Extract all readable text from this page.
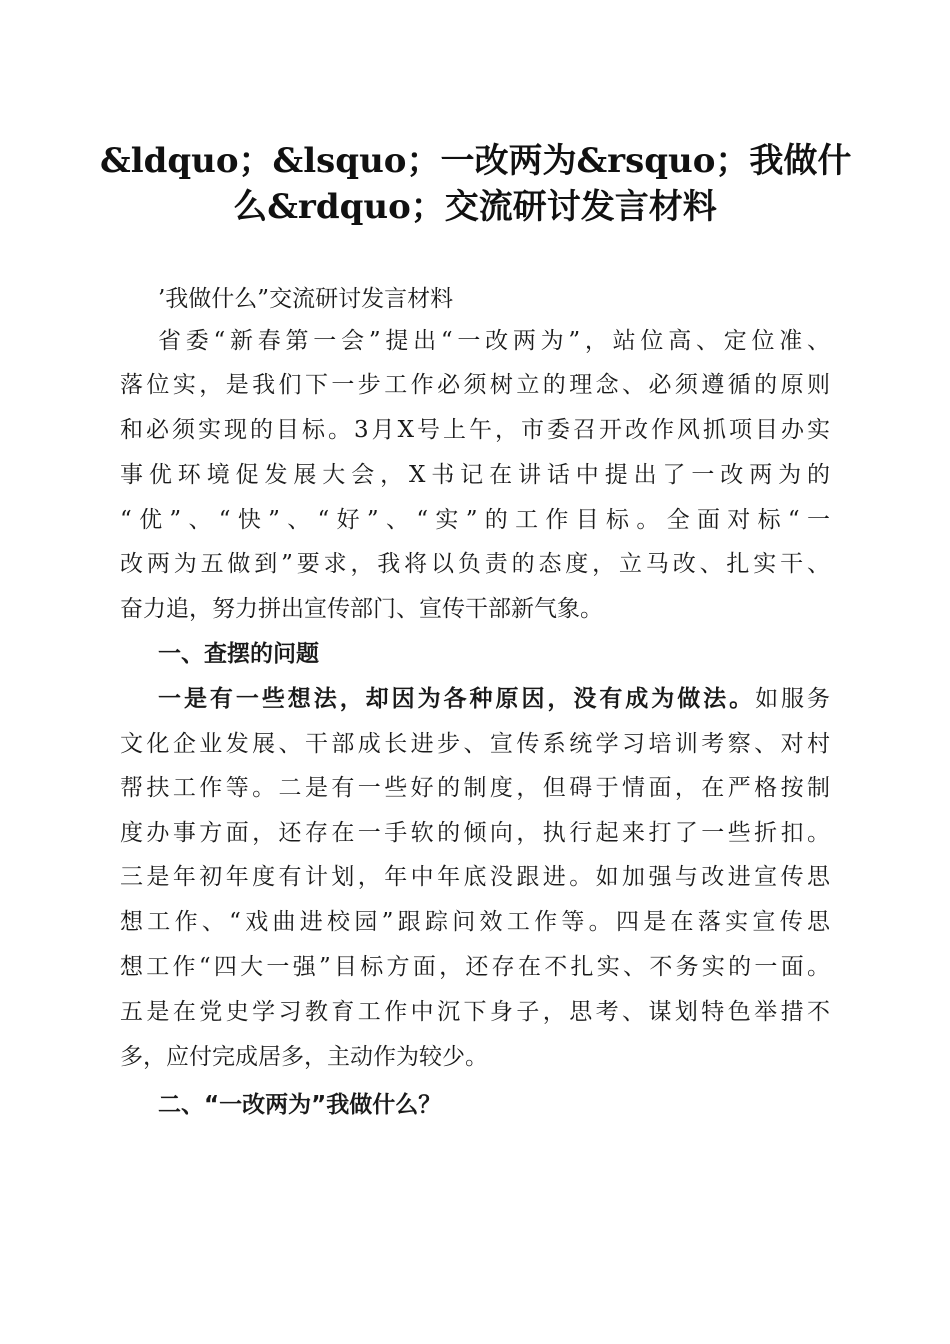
&ldquo；&lsquo；一改两为&rsquo；我做什
么&rdquo；交流研讨发言材料
’我做什么”交流研讨发言材料
省委“新春第一会”提出“一改两为”，站位高、定位准、
落位实，是我们下一步工作必须树立的理念、必须遵循的原则
和必须实现的目标。3月X号上午，市委召开改作风抓项目办实
事优环境促发展大会，X书记在讲话中提出了一改两为的
“优”、“快”、“好”、“实”的工作目标。全面对标“一
改两为五做到”要求，我将以负责的态度，立马改、扎实干、
奋力追，努力拼出宣传部门、宣传干部新气象。
一、查摆的问题
一是有一些想法，却因为各种原因，没有成为做法。如服务
文化企业发展、干部成长进步、宣传系统学习培训考察、对村
帮扶工作等。二是有一些好的制度，但碍于情面，在严格按制
度办事方面，还存在一手软的倾向，执行起来打了一些折扣。
三是年初年度有计划，年中年底没跟进。如加强与改进宣传思
想工作、“戏曲进校园”跟踪问效工作等。四是在落实宣传思
想工作“四大一强”目标方面，还存在不扎实、不务实的一面。
五是在党史学习教育工作中沉下身子，思考、谋划特色举措不
多，应付完成居多，主动作为较少。
二、“一改两为”我做什么？
